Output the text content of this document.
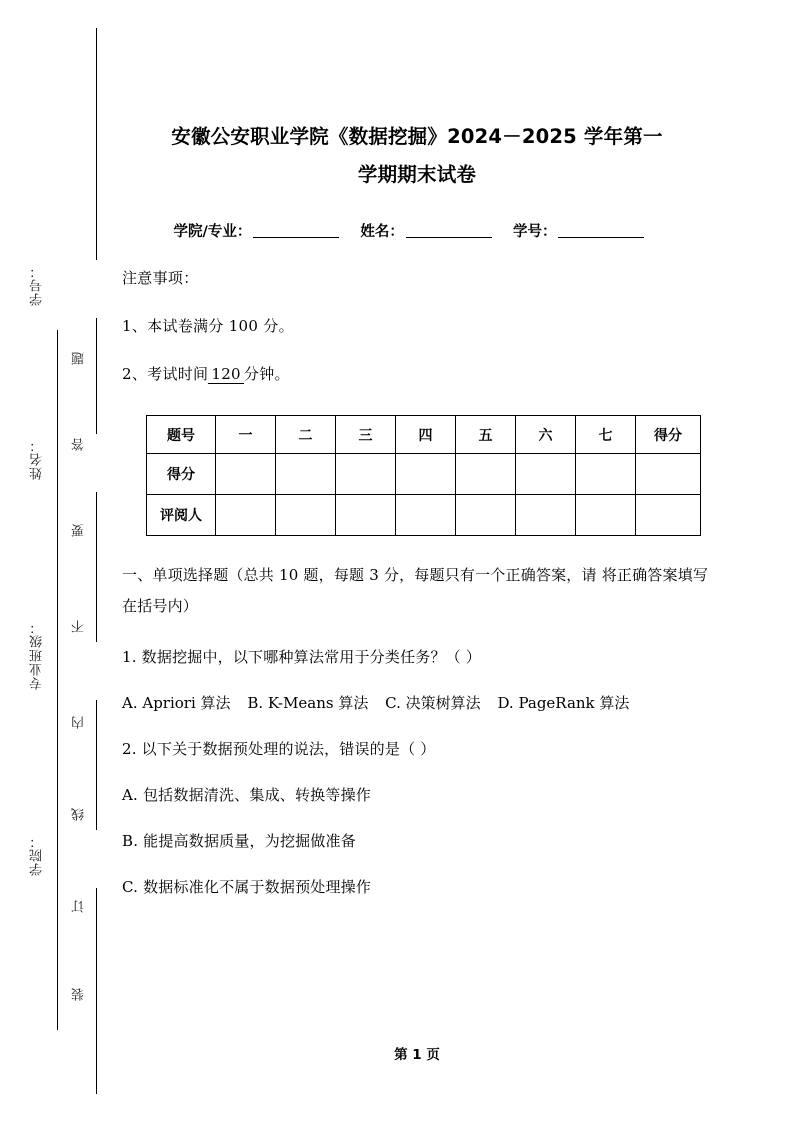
学号：
姓名：
专业班级：
学院：
题
答
要
不
内
线
订
装
安徽公安职业学院《数据挖掘》2024－2025 学年第一
学期期末试卷
学院/专业：	姓名：	学号：

注意事项：

1、本试卷满分 100 分。

2、考试时间 120 分钟。

题号	一	二	三	四	五	六	七	得分
得分								
评阅人								

一、单项选择题（总共 10 题，每题 3 分，每题只有一个正确答案，请 将正确答案填写在括号内）

1. 数据挖掘中，以下哪种算法常用于分类任务？（ ）

A. Apriori 算法 B. K-Means 算法 C. 决策树算法 D. PageRank 算法

2. 以下关于数据预处理的说法，错误的是（ ）

A. 包括数据清洗、集成、转换等操作

B. 能提高数据质量，为挖掘做准备

C. 数据标准化不属于数据预处理操作

第 1 页
